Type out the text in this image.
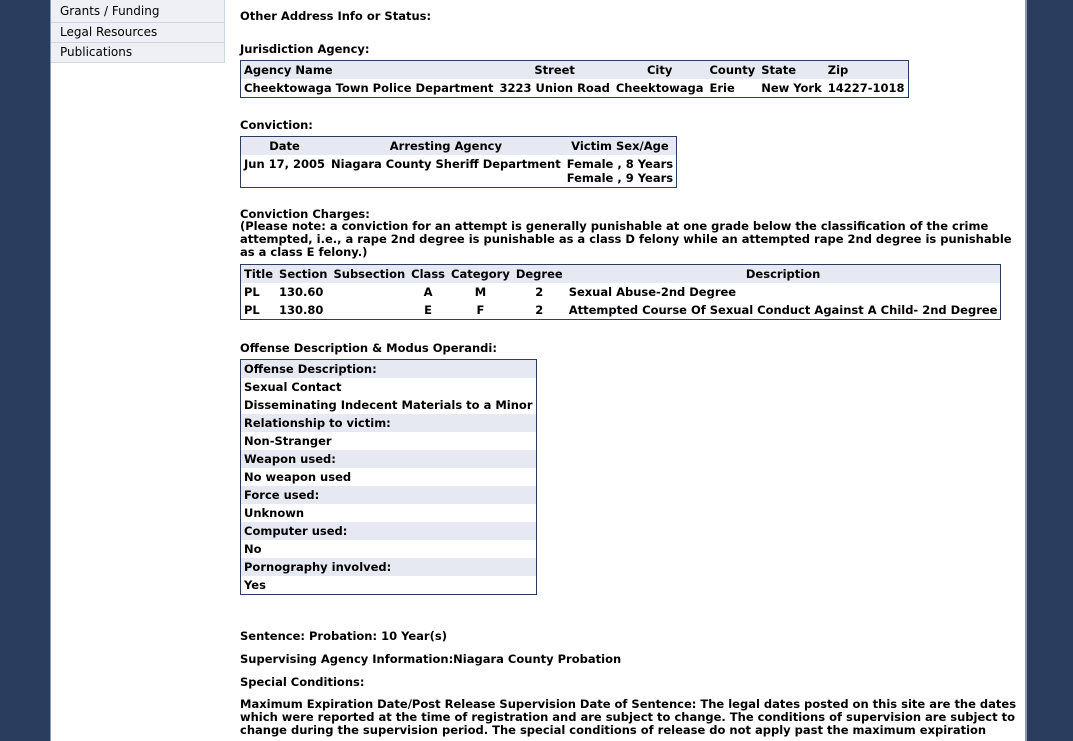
Grants / Funding
Legal Resources
Publications
Other Address Info or Status:
Jurisdiction Agency:
Agency Name	Street	City	County	State	Zip
Cheektowaga Town Police Department	3223 Union Road	Cheektowaga	Erie	New York	14227-1018
Conviction:
Date	Arresting Agency	Victim Sex/Age
Jun 17, 2005	Niagara County Sheriff Department	Female , 8 Years
Female , 9 Years
Conviction Charges:
(Please note: a conviction for an attempt is generally punishable at one grade below the classification of the crime attempted, i.e., a rape 2nd degree is punishable as a class D felony while an attempted rape 2nd degree is punishable as a class E felony.)
Title	Section	Subsection	Class	Category	Degree	Description
PL	130.60		A	M	2	Sexual Abuse-2nd Degree
PL	130.80		E	F	2	Attempted Course Of Sexual Conduct Against A Child- 2nd Degree
Offense Description & Modus Operandi:
Offense Description:
Sexual Contact
Disseminating Indecent Materials to a Minor
Relationship to victim:
Non-Stranger
Weapon used:
No weapon used
Force used:
Unknown
Computer used:
No
Pornography involved:
Yes
Sentence: Probation: 10 Year(s)
Supervising Agency Information:Niagara County Probation
Special Conditions:
Maximum Expiration Date/Post Release Supervision Date of Sentence: The legal dates posted on this site are the dates which were reported at the time of registration and are subject to change. The conditions of supervision are subject to change during the supervision period. The special conditions of release do not apply past the maximum expiration
